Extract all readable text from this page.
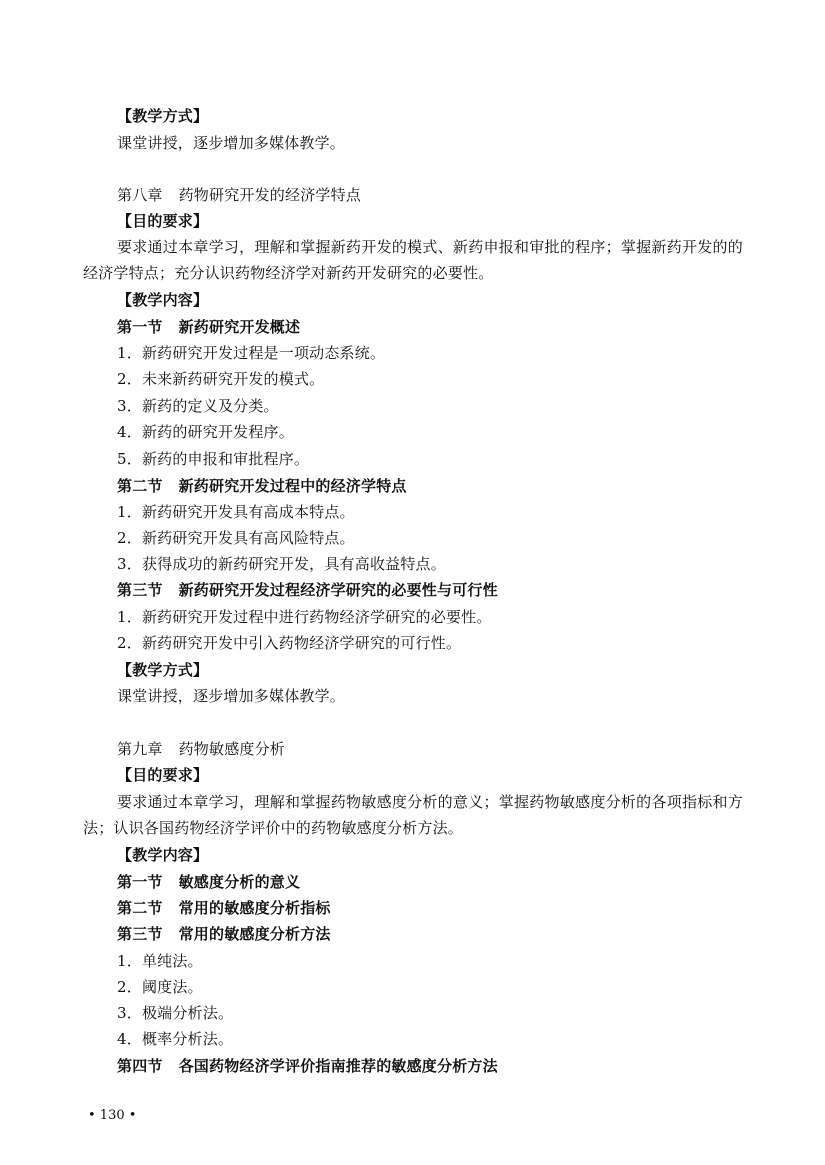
【教学方式】
课堂讲授，逐步增加多媒体教学。
第八章 药物研究开发的经济学特点
【目的要求】
要求通过本章学习，理解和掌握新药开发的模式、新药申报和审批的程序；掌握新药开发的的经济学特点；充分认识药物经济学对新药开发研究的必要性。
【教学内容】
第一节 新药研究开发概述
1．新药研究开发过程是一项动态系统。
2．未来新药研究开发的模式。
3．新药的定义及分类。
4．新药的研究开发程序。
5．新药的申报和审批程序。
第二节 新药研究开发过程中的经济学特点
1．新药研究开发具有高成本特点。
2．新药研究开发具有高风险特点。
3．获得成功的新药研究开发，具有高收益特点。
第三节 新药研究开发过程经济学研究的必要性与可行性
1．新药研究开发过程中进行药物经济学研究的必要性。
2．新药研究开发中引入药物经济学研究的可行性。
【教学方式】
课堂讲授，逐步增加多媒体教学。
第九章 药物敏感度分析
【目的要求】
要求通过本章学习，理解和掌握药物敏感度分析的意义；掌握药物敏感度分析的各项指标和方法；认识各国药物经济学评价中的药物敏感度分析方法。
【教学内容】
第一节 敏感度分析的意义
第二节 常用的敏感度分析指标
第三节 常用的敏感度分析方法
1．单纯法。
2．阈度法。
3．极端分析法。
4．概率分析法。
第四节 各国药物经济学评价指南推荐的敏感度分析方法
• 130 •
